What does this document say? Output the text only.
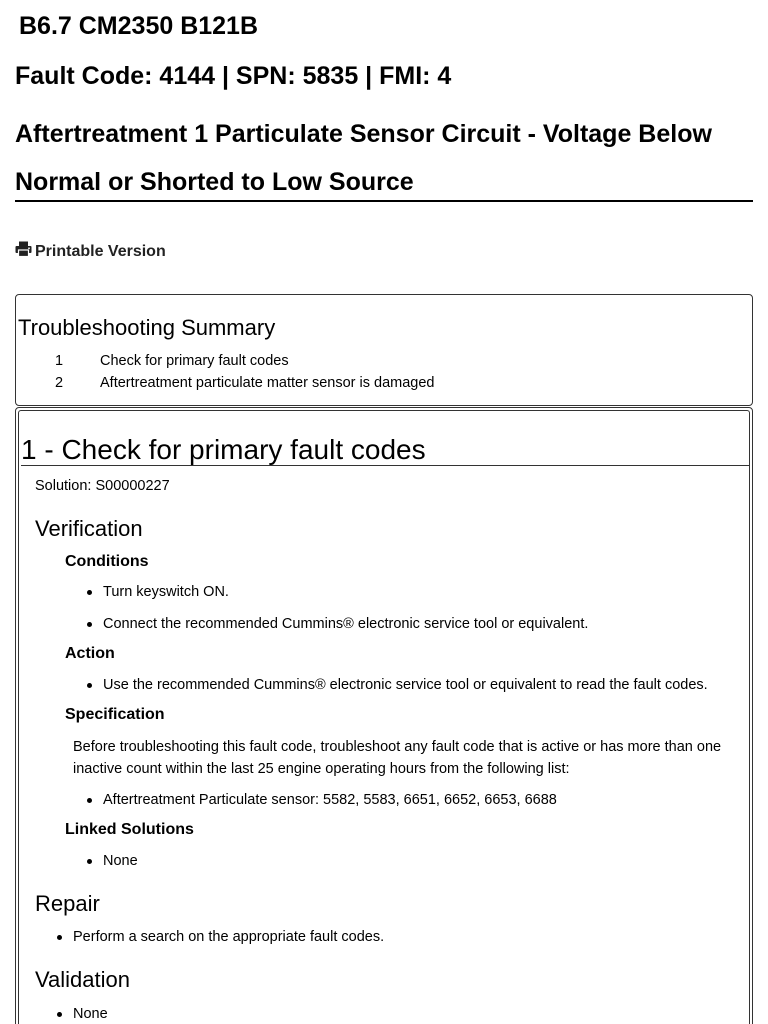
B6.7 CM2350 B121B
Fault Code: 4144 | SPN: 5835 | FMI: 4
Aftertreatment 1 Particulate Sensor Circuit - Voltage Below Normal or Shorted to Low Source
Printable Version
Troubleshooting Summary
1	Check for primary fault codes
2	Aftertreatment particulate matter sensor is damaged
1 - Check for primary fault codes
Solution: S00000227
Verification
Conditions
Turn keyswitch ON.
Connect the recommended Cummins® electronic service tool or equivalent.
Action
Use the recommended Cummins® electronic service tool or equivalent to read the fault codes.
Specification
Before troubleshooting this fault code, troubleshoot any fault code that is active or has more than one inactive count within the last 25 engine operating hours from the following list:
Aftertreatment Particulate sensor: 5582, 5583, 6651, 6652, 6653, 6688
Linked Solutions
None
Repair
Perform a search on the appropriate fault codes.
Validation
None
